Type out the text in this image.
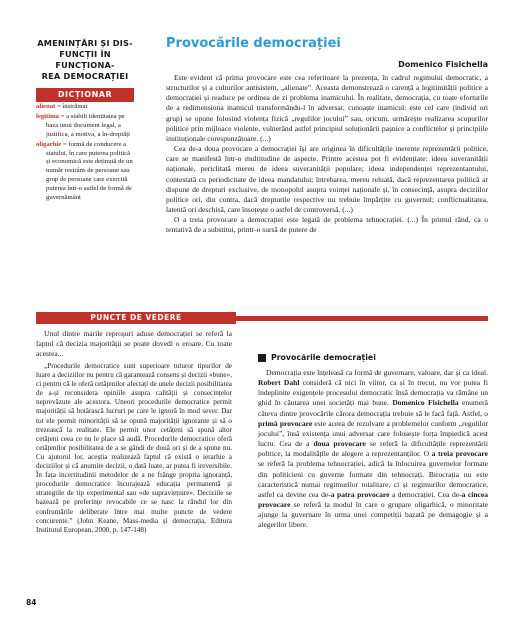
AMENINȚĂRI ȘI DIS-
FUNCȚII ÎN FUNCȚIONA-
REA DEMOCRAȚIEI
DICȚIONAR
alienat = înstrăinat
legitima = a stabili identitatea pe baza unui document legal, a justifica, a motiva, a în-dreptăți
oligarhie = formă de conducere a statului, în care puterea politică și economică este deținută de un număr restrâns de persoane sau grup de persoane care exercită puterea într-o astfel de formă de guvernământ
Provocările democrației
Domenico Fisichella

Este evident că prima provocare este cea referitoare la prezența, în cadrul regimului democratic, a structurilor și a culturilor antisistem, „alienate”. Aceasta demonstrează o carență a legitimității politice a democrației și readuce pe ordinea de zi problema inamicului. În realitate, democrația, cu toate eforturile de a redimensiona inamicul transformându-l în adversar, cunoaște inamicul: este cel care (individ ori grup) se opune folosind violența fizică „regulilor jocului” sau, oricum, urmărește realizarea scopurilor politice prin mijloace violente, vulnerând astfel principiul soluționării pașnice a conflictelor și principiile instituționale corespunzătoare. (...)

Cea de-a doua provocare a democrației își are originea în dificultățile inerente reprezentării politice, care se manifestă într-o multitudine de aspecte. Printre acestea pot fi evidențiate: ideea suveranității naționale, periclitată mereu de ideea suveranității populare; ideea independenței reprezentantului, contestată cu periodicitate de ideea mandatului; întrebarea, mereu reluată, dacă reprezentarea politică ar dispune de drepturi exclusive, de monopolul asupra voinței naționale și, în consecință, asupra deciziilor politice ori, din contra, dacă drepturile respective nu trebuie împărțite cu guvernul; conflictualitatea, latentă ori deschisă, care însoțește o astfel de controversă. (...)

O a treia provocare a democrației este legată de problema tehnocrației. (...) În primul rând, ca o tentativă de a substitui, printr-o sursă de putere de

PUNCTE DE VEDERE

Unul dintre marile reproșuri aduse democrației se referă la faptul că decizia majorității se poate dovedi o eroare. Cu toate acestea...

„Procedurile democratice sunt superioare tuturor tipurilor de luare a deciziilor nu pentru că garantează consens și decizii «bune», ci pentru că le oferă cetățenilor afectați de unele decizii posibilitatea de a-și reconsidera opiniile asupra calității și consecințelor neprevăzute ale acestora. Uneori procedurile democratice permit majorității să hotărască lucruri pe care le ignoră în mod sever. Dar tot ele permit minorității să se opună majorității ignorante și să o trezească la realitate. Ele permit unor cetățeni să spună altor cetățeni ceea ce nu le place să audă. Procedurile democratice oferă cetățenilor posibilitatea de a se gândi de două ori și de a spune nu. Cu ajutorul lor, aceștia realizează faptul că există o ierarhie a deciziilor și că anumite decizii, o dată luate, ar putea fi ireversibile. În fața incertitudinii metodelor de a ne frânge propria ignoranță, procedurile democratice încurajează educația permanentă și strategiile de tip experimental sau «de supraviețuire». Deciziile se bazează pe preferințe revocabile ce se nasc la rândul lor din confruntările deliberate între mai multe puncte de vedere concurente.” (John Keane, Mass-media și democrația, Editura Institutul European, 2000, p. 147-148)

Provocările democrației
Democrația este înțeleasă ca formă de guvernare, valoare, dar și ca ideal. Robert Dahl consideră că nici în viitor, ca și în trecut, nu vor putea fi îndeplinite exigențele procesului democratic însă democrația va rămâne un ghid în căutarea unei societăți mai bune. Domenico Fisichella enumeră câteva dintre provocările cărora democrația trebuie să le facă față. Astfel, o primă provocare este aceea de rezolvare a problemelor conform „regulilor jocului”, însă existența unui adversar care folosește forța împiedică acest lucru. Cea de a doua provocare se referă la dificultățile reprezentării politice, la modalitățile de alegere a reprezentanților. O a treia provocare se referă la problema tehnocrației, adică la înlocuirea guvernelor formate din politicieni cu guverne formate din tehnocrați. Birocrația nu este caracteristică numai regimurilor totalitare, ci și regimurilor democratice, astfel ca devine cea de-a patra provocare a democrației. Cea de-a cincea provocare se referă la modul în care o grupare oligarhică, o minoritate ajunge la guvernare în urma unei competiții bazată pe demagogie și a alegerilor libere.
84
